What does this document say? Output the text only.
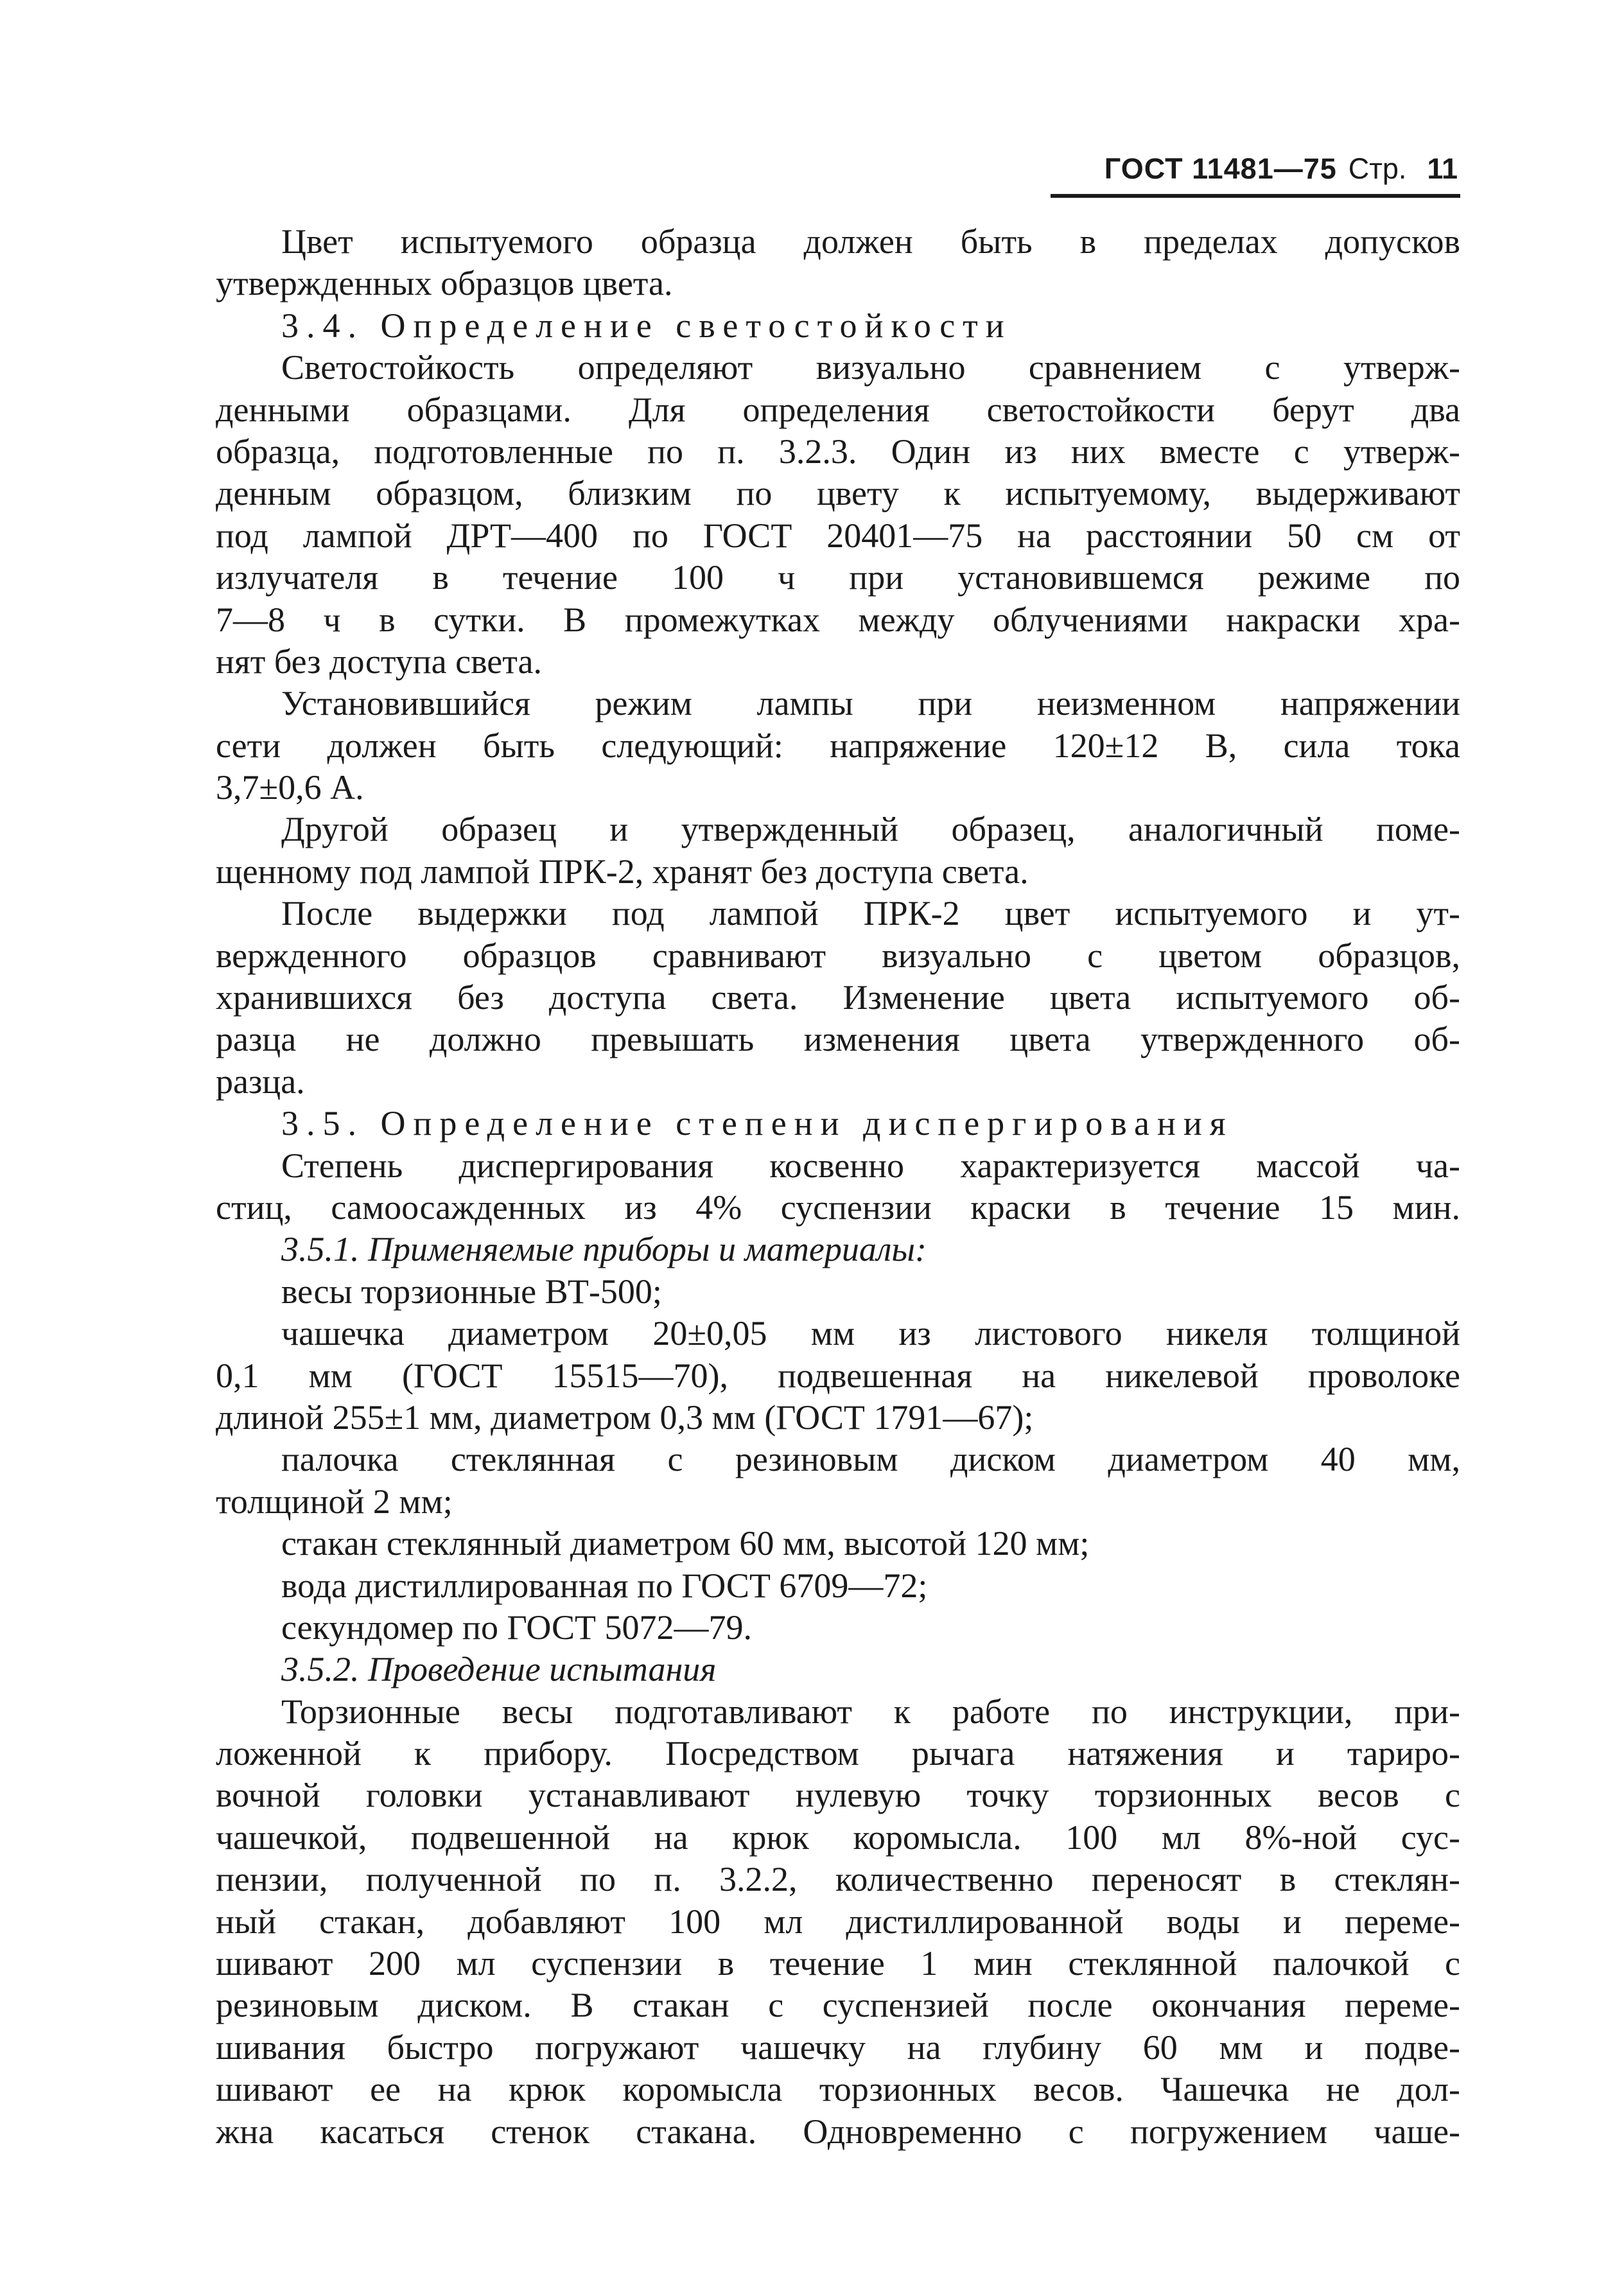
ГОСТ 11481—75 Стр. 11
Цвет испытуемого образца должен быть в пределах допусков
утвержденных образцов цвета.
3.4. Определение светостойкости
Светостойкость определяют визуально сравнением с утверж-
денными образцами. Для определения светостойкости берут два
образца, подготовленные по п. 3.2.3. Один из них вместе с утверж-
денным образцом, близким по цвету к испытуемому, выдерживают
под лампой ДРТ—400 по ГОСТ 20401—75 на расстоянии 50 см от
излучателя в течение 100 ч при установившемся режиме по
7—8 ч в сутки. В промежутках между облучениями накраски хра-
нят без доступа света.
Установившийся режим лампы при неизменном напряжении
сети должен быть следующий: напряжение 120±12 В, сила тока
3,7±0,6 А.
Другой образец и утвержденный образец, аналогичный поме-
щенному под лампой ПРК-2, хранят без доступа света.
После выдержки под лампой ПРК-2 цвет испытуемого и ут-
вержденного образцов сравнивают визуально с цветом образцов,
хранившихся без доступа света. Изменение цвета испытуемого об-
разца не должно превышать изменения цвета утвержденного об-
разца.
3.5. Определение степени диспергирования
Степень диспергирования косвенно характеризуется массой ча-
стиц, самоосажденных из 4% суспензии краски в течение 15 мин.
3.5.1. Применяемые приборы и материалы:
весы торзионные ВТ-500;
чашечка диаметром 20±0,05 мм из листового никеля толщиной
0,1 мм (ГОСТ 15515—70), подвешенная на никелевой проволоке
длиной 255±1 мм, диаметром 0,3 мм (ГОСТ 1791—67);
палочка стеклянная с резиновым диском диаметром 40 мм,
толщиной 2 мм;
стакан стеклянный диаметром 60 мм, высотой 120 мм;
вода дистиллированная по ГОСТ 6709—72;
секундомер по ГОСТ 5072—79.
3.5.2. Проведение испытания
Торзионные весы подготавливают к работе по инструкции, при-
ложенной к прибору. Посредством рычага натяжения и тариро-
вочной головки устанавливают нулевую точку торзионных весов с
чашечкой, подвешенной на крюк коромысла. 100 мл 8%-ной сус-
пензии, полученной по п. 3.2.2, количественно переносят в стеклян-
ный стакан, добавляют 100 мл дистиллированной воды и переме-
шивают 200 мл суспензии в течение 1 мин стеклянной палочкой с
резиновым диском. В стакан с суспензией после окончания переме-
шивания быстро погружают чашечку на глубину 60 мм и подве-
шивают ее на крюк коромысла торзионных весов. Чашечка не дол-
жна касаться стенок стакана. Одновременно с погружением чаше-
